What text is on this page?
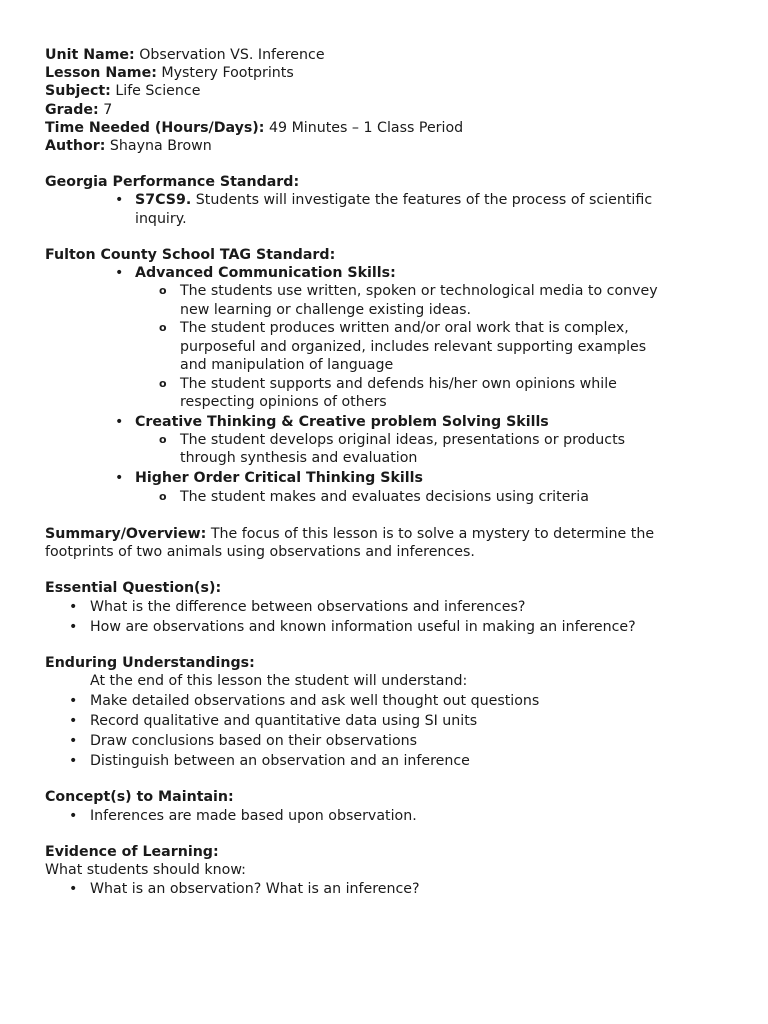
Unit Name: Observation VS. Inference
Lesson Name: Mystery Footprints
Subject: Life Science
Grade: 7
Time Needed (Hours/Days): 49 Minutes – 1 Class Period
Author: Shayna Brown
Georgia Performance Standard:
• S7CS9. Students will investigate the features of the process of scientific
inquiry.
Fulton County School TAG Standard:
• Advanced Communication Skills:
o The students use written, spoken or technological media to convey
new learning or challenge existing ideas.
o The student produces written and/or oral work that is complex,
purposeful and organized, includes relevant supporting examples
and manipulation of language
o The student supports and defends his/her own opinions while
respecting opinions of others
• Creative Thinking & Creative problem Solving Skills
o The student develops original ideas, presentations or products
through synthesis and evaluation
• Higher Order Critical Thinking Skills
o The student makes and evaluates decisions using criteria
Summary/Overview: The focus of this lesson is to solve a mystery to determine the
footprints of two animals using observations and inferences.
Essential Question(s):
• What is the difference between observations and inferences?
• How are observations and known information useful in making an inference?
Enduring Understandings:
At the end of this lesson the student will understand:
• Make detailed observations and ask well thought out questions
• Record qualitative and quantitative data using SI units
• Draw conclusions based on their observations
• Distinguish between an observation and an inference
Concept(s) to Maintain:
• Inferences are made based upon observation.
Evidence of Learning:
What students should know:
• What is an observation? What is an inference?
